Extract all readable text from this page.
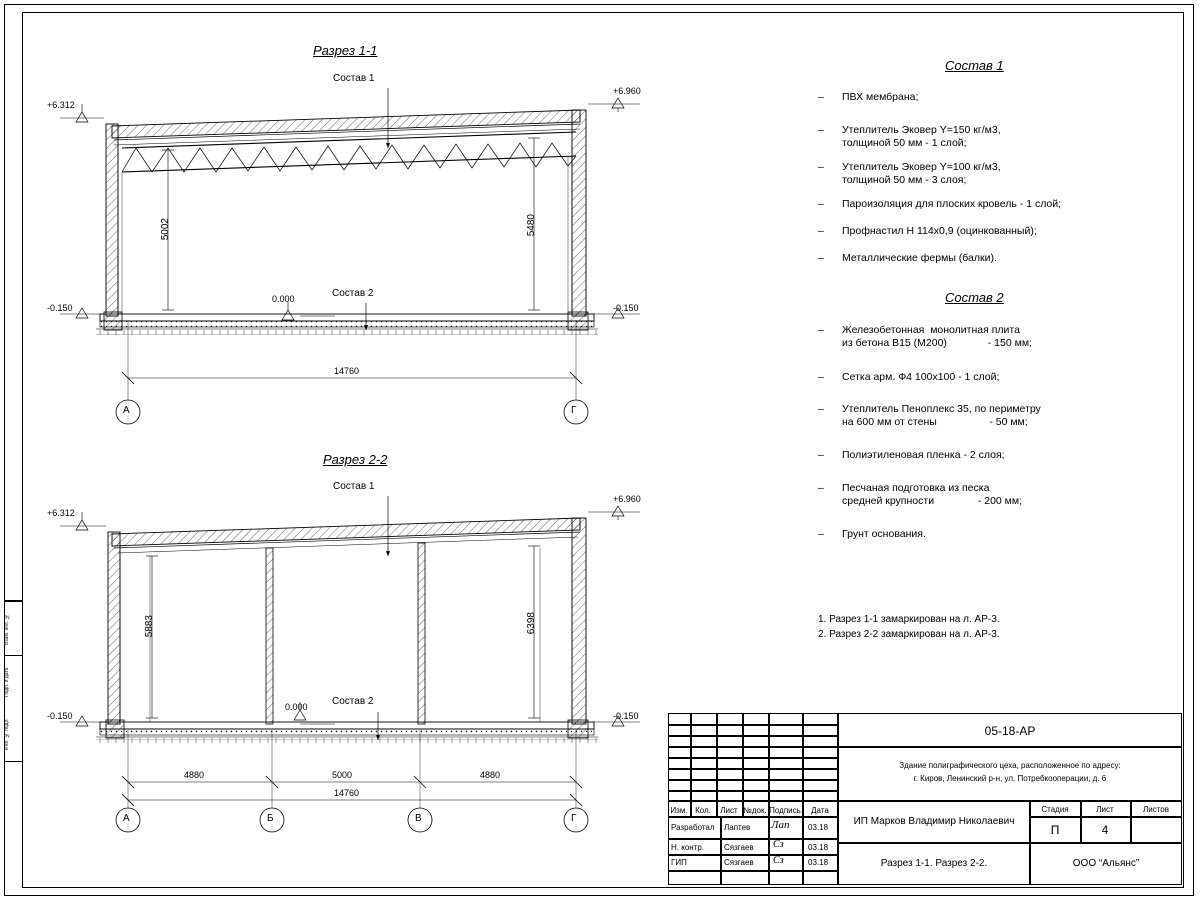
Взам. инв. №
Подп. и дата
Инв. № подл.
Разрез 1-1
Состав 1
Состав 2
+6.312
+6.960
-0.150	-0.150
0.000
5002	5480
14760
А	Г
Разрез 2-2
Состав 1
Состав 2
+6.312
+6.960
-0.150	-0.150
0.000
5883	6398
4880	5000	4880
14760
А	Б	В	Г
Состав 1
– ПВХ мембрана;
– Утеплитель Эковер Y=150 кг/м3,
толщиной 50 мм - 1 слой;
– Утеплитель Эковер Y=100 кг/м3,
толщиной 50 мм - 3 слоя;
– Пароизоляция для плоских кровель - 1 слой;
– Профнастил Н 114х0,9 (оцинкованный);
– Металлические фермы (балки).
Состав 2
– Железобетонная  монолитная плита
из бетона В15 (М200)              - 150 мм;
– Сетка арм. Ф4 100х100 - 1 слой;
– Утеплитель Пеноплекс 35, по периметру
на 600 мм от стены                  - 50 мм;
– Полиэтиленовая пленка - 2 слоя;
– Песчаная подготовка из песка
средней крупности               - 200 мм;
– Грунт основания.
1. Разрез 1-1 замаркирован на л. АР-3.
2. Разрез 2-2 замаркирован на л. АР-3.
Изм. Кол.	Лист №док. Подпись	Дата
Разработал Лаптев Лап 03.18
Н. контр. Сязгаев Сз	03.18
ГИП	Сязгаев Сз	03.18
05-18-АР
Здание полиграфического цеха, расположенное по адресу:
г. Киров, Ленинский р-н, ул. Потребкооперации, д. 6
ИП Марков Владимир Николаевич
Разрез 1-1. Разрез 2-2.
Стадия	Лист	Листов
П	4
ООО “Альянс”
